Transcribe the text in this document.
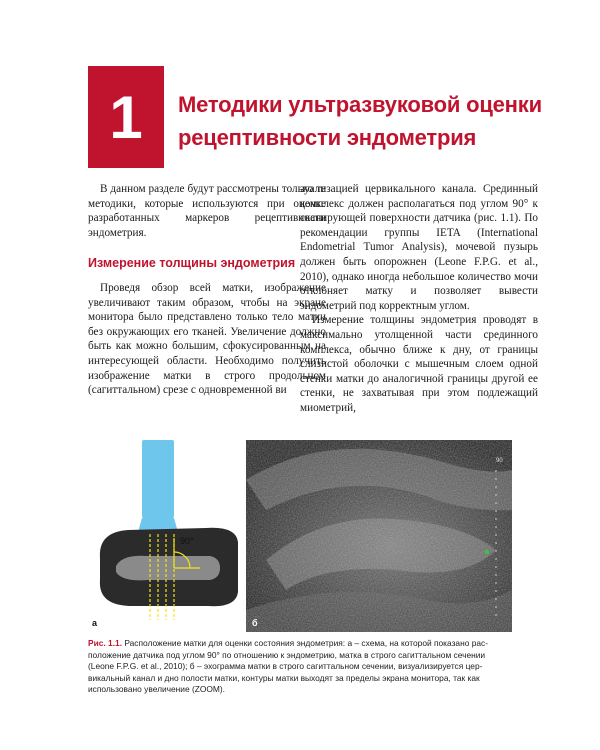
1 Методики ультразвуковой оценки рецептивности эндометрия

В данном разделе будут рассмотрены только те методики, которые используются при оценке разработанных маркеров рецептивности эндометрия.

Измерение толщины эндометрия

Проведя обзор всей матки, изображение увеличивают таким образом, чтобы на экране монитора было представлено только тело матки без окружающих его тканей. Увеличение должно быть как можно большим, сфокусированным на интересующей области. Необходимо получить изображение матки в строго продольном (сагиттальном) срезе с одновременной ви

зуализацией цервикального канала. Срединный комплекс должен располагаться под углом 90° к сканирующей поверхности датчика (рис. 1.1). По рекомендации группы IETA (International Endometrial Tumor Analysis), мочевой пузырь должен быть опорожнен (Leone F.P.G. et al., 2010), однако иногда небольшое количество мочи отклоняет матку и позволяет вывести эндометрий под корректным углом.

Измерение толщины эндометрия проводят в максимально утолщенной части срединного комплекса, обычно ближе к дну, от границы слизистой оболочки с мышечным слоем одной стенки матки до аналогичной границы другой ее стенки, не захватывая при этом подлежащий миометрий,

90°
а
90
б
Рис. 1.1. Расположение матки для оценки состояния эндометрия: а – схема, на которой показано расположение датчика под углом 90° по отношению к эндометрию, матка в строго сагиттальном сечении (Leone F.P.G. et al., 2010); б – эхограмма матки в строго сагиттальном сечении, визуализируется цервикальный канал и дно полости матки, контуры матки выходят за пределы экрана монитора, так как использовано увеличение (ZOOM).
